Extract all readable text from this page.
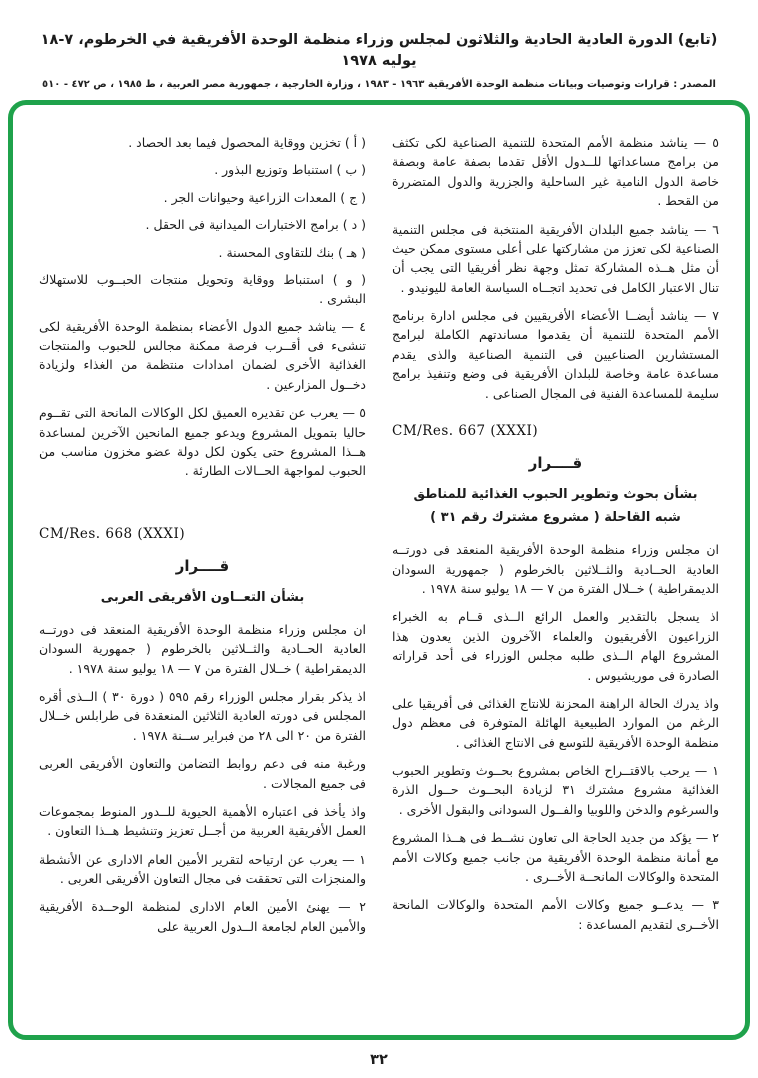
(تابع) الدورة العادية الحادية والثلاثون لمجلس وزراء منظمة الوحدة الأفريقية في الخرطوم، ٧-١٨ يوليه ١٩٧٨
المصدر : قرارات وتوصيات وبيانات منظمة الوحدة الأفريقية ١٩٦٣ - ١٩٨٣ ، وزارة الخارجية ، جمهورية مصر العربية ، ط ١٩٨٥ ، ص ٤٧٢ - ٥١٠

٥ — يناشد منظمة الأمم المتحدة للتنمية الصناعية لكى تكثف من برامج مساعداتها للــدول الأقل تقدما بصفة عامة وبصفة خاصة الدول النامية غير الساحلية والجزرية والدول المتضررة من القحط .

٦ — يناشد جميع البلدان الأفريقية المنتخبة فى مجلس التنمية الصناعية لكى تعزز من مشاركتها على أعلى مستوى ممكن حيث أن مثل هــذه المشاركة تمثل وجهة نظر أفريقيا التى يجب أن تنال الاعتبار الكامل فى تحديد اتجــاه السياسة العامة لليونيدو .

٧ — يناشد أيضــا الأعضاء الأفريقيين فى مجلس ادارة برنامج الأمم المتحدة للتنمية أن يقدموا مساندتهم الكاملة لبرامج المستشارين الصناعيين فى التنمية الصناعية والذى يقدم مساعدة عامة وخاصة للبلدان الأفريقية فى وضع وتنفيذ برامج سليمة للمساعدة الفنية فى المجال الصناعى .

CM/Res. 667 (XXXI)
قــــرار
بشأن بحوث وتطوير الحبوب الغذائية للمناطق
شبه القاحلة ( مشروع مشترك رقم ٣١ )

ان مجلس وزراء منظمة الوحدة الأفريقية المنعقد فى دورتــه العادية الحــادية والثــلاثين بالخرطوم ( جمهورية السودان الديمقراطية ) خــلال الفترة من ٧ — ١٨ يوليو سنة ١٩٧٨ .

اذ يسجل بالتقدير والعمل الرائع الــذى قــام به الخبراء الزراعيون الأفريقيون والعلماء الآخرون الذين يعدون هذا المشروع الهام الــذى طلبه مجلس الوزراء فى أحد قراراته الصادرة فى موريشيوس .

واذ يدرك الحالة الراهنة المحزنة للانتاج الغذائى فى أفريقيا على الرغم من الموارد الطبيعية الهائلة المتوفرة فى معظم دول منظمة الوحدة الأفريقية للتوسع فى الانتاج الغذائى .

١ — يرحب بالاقتــراح الخاص بمشروع بحــوث وتطوير الحبوب الغذائية مشروع مشترك ٣١ لزيادة البحــوث حــول الذرة والسرغوم والدخن واللوبيا والفــول السودانى والبقول الأخرى .

٢ — يؤكد من جديد الحاجة الى تعاون نشــط فى هــذا المشروع مع أمانة منظمة الوحدة الأفريقية من جانب جميع وكالات الأمم المتحدة والوكالات المانحــة الأخــرى .

٣ — يدعــو جميع وكالات الأمم المتحدة والوكالات المانحة الأخــرى لتقديم المساعدة :

( أ ) تخزين ووقاية المحصول فيما بعد الحصاد .

( ب ) استنباط وتوزيع البذور .

( ج ) المعدات الزراعية وحيوانات الجر .

( د ) برامج الاختبارات الميدانية فى الحقل .

( هـ ) بنك للتقاوى المحسنة .

( و ) استنباط ووقاية وتحويل منتجات الحبــوب للاستهلاك البشرى .

٤ — يناشد جميع الدول الأعضاء بمنظمة الوحدة الأفريقية لكى تنشىء فى أقــرب فرصة ممكنة مجالس للحبوب والمنتجات الغذائية الأخرى لضمان امدادات منتظمة من الغذاء ولزيادة دخــول المزارعين .

٥ — يعرب عن تقديره العميق لكل الوكالات المانحة التى تقــوم حاليا بتمويل المشروع ويدعو جميع المانحين الآخرين لمساعدة هــذا المشروع حتى يكون لكل دولة عضو مخزون مناسب من الحبوب لمواجهة الحــالات الطارئة .

CM/Res. 668 (XXXI)
قــــرار
بشأن التعــاون الأفريقى العربى

ان مجلس وزراء منظمة الوحدة الأفريقية المنعقد فى دورتــه العادية الحــادية والثــلاثين بالخرطوم ( جمهورية السودان الديمقراطية ) خــلال الفترة من ٧ — ١٨ يوليو سنة ١٩٧٨ .

اذ يذكر بقرار مجلس الوزراء رقم ٥٩٥ ( دورة ٣٠ ) الــذى أقره المجلس فى دورته العادية الثلاثين المنعقدة فى طرابلس خــلال الفترة من ٢٠ الى ٢٨ من فبراير ســنة ١٩٧٨ .

ورغبة منه فى دعم روابط التضامن والتعاون الأفريقى العربى فى جميع المجالات .

واذ يأخذ فى اعتباره الأهمية الحيوية للــدور المنوط بمجموعات العمل الأفريقية العربية من أجــل تعزيز وتنشيط هــذا التعاون .

١ — يعرب عن ارتياحه لتقرير الأمين العام الادارى عن الأنشطة والمنجزات التى تحققت فى مجال التعاون الأفريقى العربى .

٢ — يهنئ الأمين العام الادارى لمنظمة الوحــدة الأفريقية والأمين العام لجامعة الــدول العربية على

٣٢
